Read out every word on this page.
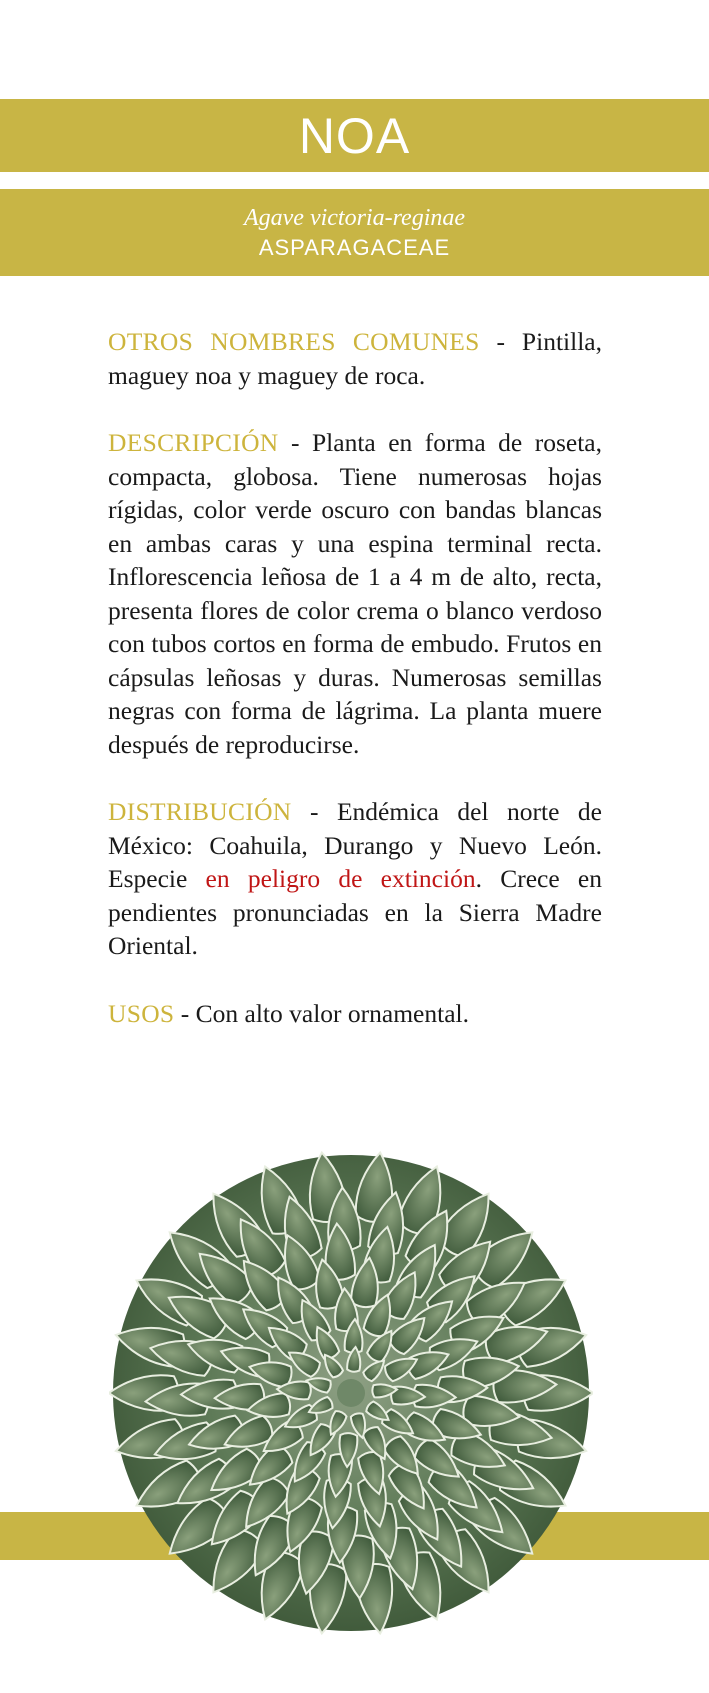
NOA
Agave victoria-reginae
ASPARAGACEAE

OTROS NOMBRES COMUNES - Pintilla, maguey noa y maguey de roca.

DESCRIPCIÓN - Planta en forma de roseta, compacta, globosa. Tiene numerosas hojas rígidas, color verde oscuro con bandas blancas en ambas caras y una espina terminal recta. Inflorescencia leñosa de 1 a 4 m de alto, recta, presenta flores de color crema o blanco verdoso con tubos cortos en forma de embudo. Frutos en cápsulas leñosas y duras. Numerosas semillas negras con forma de lágrima. La planta muere después de reproducirse.

DISTRIBUCIÓN - Endémica del norte de México: Coahuila, Durango y Nuevo León. Especie en peligro de extinción. Crece en pendientes pronunciadas en la Sierra Madre Oriental.

USOS - Con alto valor ornamental.
